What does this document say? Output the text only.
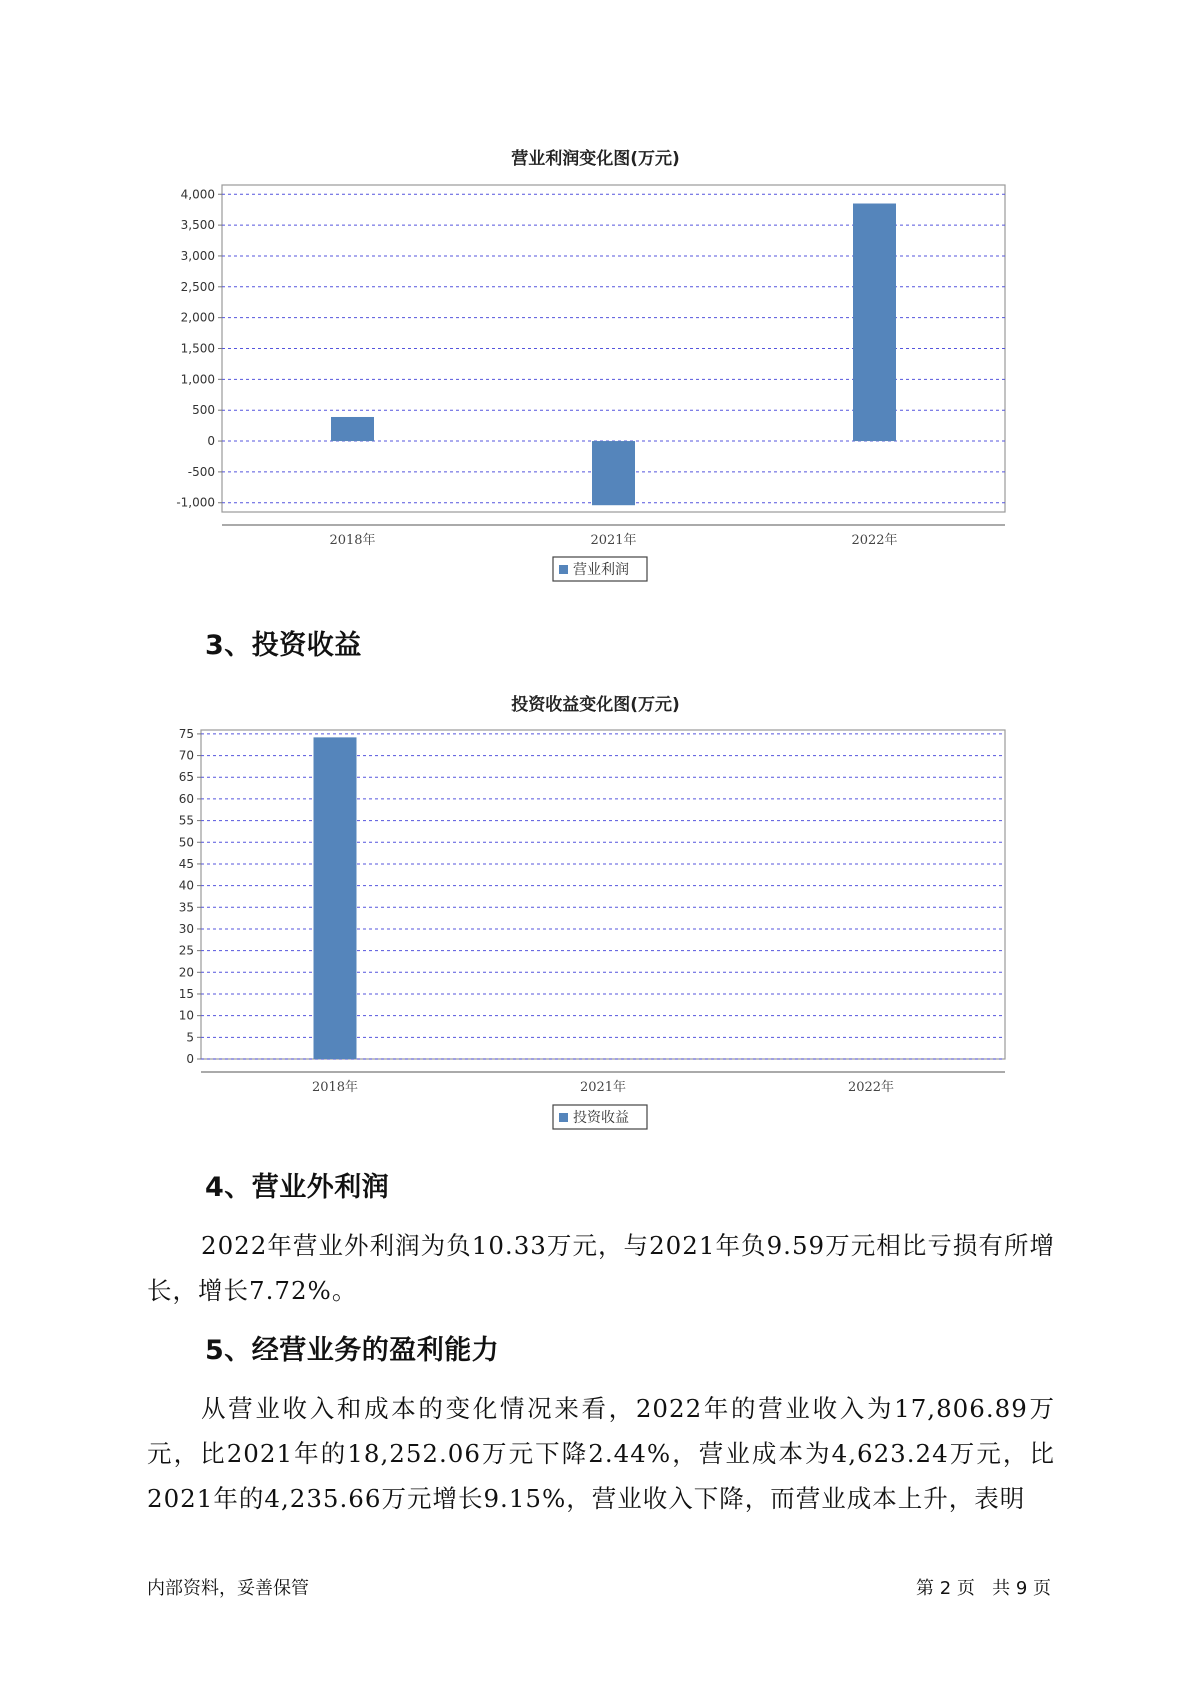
营业利润变化图(万元)
-1,000
-500
0
500
1,000
1,500
2,000
2,500
3,000
3,500
4,000
2018年	2021年	2022年
营业利润
3、投资收益
投资收益变化图(万元)
0
5
10
15
20
25
30
35
40
45
50
55
60
65
70
75
2018年	2021年	2022年
投资收益
4、营业外利润

2022年营业外利润为负10.33万元，与2021年负9.59万元相比亏损有所增长，增长7.72%。

5、经营业务的盈利能力

从营业收入和成本的变化情况来看，2022年的营业收入为17,806.89万元，比2021年的18,252.06万元下降2.44%，营业成本为4,623.24万元，比2021年的4,235.66万元增长9.15%，营业收入下降，而营业成本上升，表明

内部资料，妥善保管	第 2 页   共 9 页
